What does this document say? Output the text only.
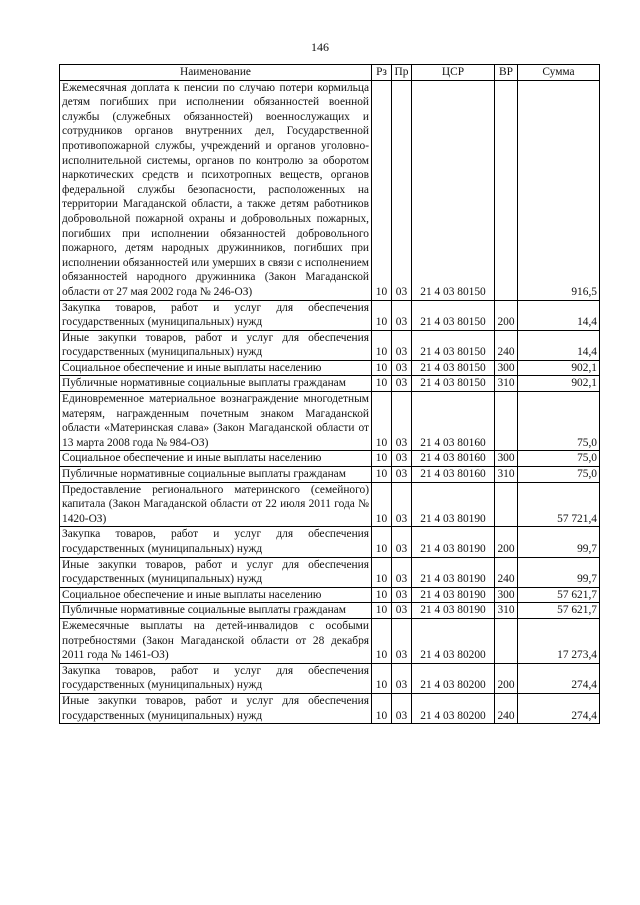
146
Наименование	Рз	Пр	ЦСР	ВР	Сумма
Ежемесячная доплата к пенсии по случаю потери кормильца детям погибших при исполнении обязанностей военной службы (служебных обязанностей) военнослужащих и сотрудников органов внутренних дел, Государственной противопожарной службы, учреждений и органов уголовно-исполнительной системы, органов по контролю за оборотом наркотических средств и психотропных веществ, органов федеральной службы безопасности, расположенных на территории Магаданской области, а также детям работников добровольной пожарной охраны и добровольных пожарных, погибших при исполнении обязанностей добровольного пожарного, детям народных дружинников, погибших при исполнении обязанностей или умерших в связи с исполнением обязанностей народного дружинника (Закон Магаданской области от 27 мая 2002 года № 246-ОЗ)	10	03	21 4 03 80150		916,5
Закупка товаров, работ и услуг для обеспечения государственных (муниципальных) нужд	10	03	21 4 03 80150	200	14,4
Иные закупки товаров, работ и услуг для обеспечения государственных (муниципальных) нужд	10	03	21 4 03 80150	240	14,4
Социальное обеспечение и иные выплаты населению	10	03	21 4 03 80150	300	902,1
Публичные нормативные социальные выплаты гражданам	10	03	21 4 03 80150	310	902,1
Единовременное материальное вознаграждение многодетным матерям, награжденным почетным знаком Магаданской области «Материнская слава» (Закон Магаданской области от 13 марта 2008 года № 984-ОЗ)	10	03	21 4 03 80160		75,0
Социальное обеспечение и иные выплаты населению	10	03	21 4 03 80160	300	75,0
Публичные нормативные социальные выплаты гражданам	10	03	21 4 03 80160	310	75,0
Предоставление регионального материнского (семейного) капитала (Закон Магаданской области от 22 июля 2011 года № 1420-ОЗ)	10	03	21 4 03 80190		57 721,4
Закупка товаров, работ и услуг для обеспечения государственных (муниципальных) нужд	10	03	21 4 03 80190	200	99,7
Иные закупки товаров, работ и услуг для обеспечения государственных (муниципальных) нужд	10	03	21 4 03 80190	240	99,7
Социальное обеспечение и иные выплаты населению	10	03	21 4 03 80190	300	57 621,7
Публичные нормативные социальные выплаты гражданам	10	03	21 4 03 80190	310	57 621,7
Ежемесячные выплаты на детей-инвалидов с особыми потребностями (Закон Магаданской области от 28 декабря 2011 года № 1461-ОЗ)	10	03	21 4 03 80200		17 273,4
Закупка товаров, работ и услуг для обеспечения государственных (муниципальных) нужд	10	03	21 4 03 80200	200	274,4
Иные закупки товаров, работ и услуг для обеспечения государственных (муниципальных) нужд	10	03	21 4 03 80200	240	274,4
